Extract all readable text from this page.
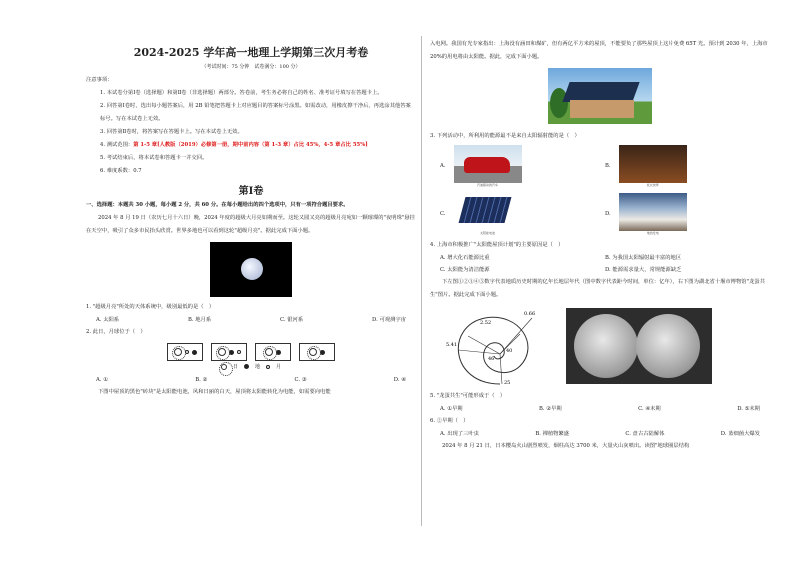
2024-2025 学年高一地理上学期第三次月考卷
（考试时间：75 分钟　试卷满分：100 分）
注意事项：
1. 本试卷分第Ⅰ卷（选择题）和第Ⅱ卷（非选择题）两部分。答卷前，考生务必将自己的姓名、准考证号填写在答题卡上。
2. 回答第Ⅰ卷时，选出每小题答案后，用 2B 铅笔把答题卡上对应题目的答案标号涂黑。如需改动，用橡皮擦干净后，再选涂其他答案标号。写在本试卷上无效。
3. 回答第Ⅱ卷时，将答案写在答题卡上。写在本试卷上无效。
4. 测试范围：第 1-5 章[人教版（2019）必修第一册，期中前内容（第 1-3 章）占比 45%，4-5 章占比 55%]
5. 考试结束后，将本试卷和答题卡一并交回。
6. 难度系数：0.7
第Ⅰ卷
一、选择题：本题共 30 小题，每小题 2 分，共 60 分。在每小题给出的四个选项中，只有一项符合题目要求。
2024 年 8 月 19 日（农历七月十六日）晚，2024 年度的超级大月亮如期而至。这轮又圆又亮的超级月亮宛如一颗璀璨的"夜明珠"悬挂在天空中，吸引了众多市民抬头欣赏。世界多地也可以看到这轮"超级月亮"。据此完成下面小题。
1. "超级月亮"所处的天体系统中，级别最低的是（　）
A. 太阳系	B. 地月系	C. 银河系	D. 可观测宇宙
2. 此日，月球位于（　）
日	地	月
A. ①	B. ②	C. ③	D. ④
下图中屋顶的黑色"砖块"是太阳能电池，风和日丽的白天，屋顶将太阳能转化为电能，如需要向电能
入电网。我国有光专家指出：上海没有涵田和煤矿，但有两亿平方米的屋顶，不能要负了那些屋顶上这片免费 65T 光。预计到 2030 年，上海市 20%的用电将由太阳能。据此，完成下面小题。
3. 下列活动中，所利用的能源最不是来自太阳辐射能的是（　）
A.
汽油驱动的汽车
B.
炭火烧烤
C.
太阳能电池
D.
地热发电
4. 上海市积极推广"太阳能屋顶计划"的主要原因是（　）
A. 增大化石能源比重	B. 为我国太阳辐射最丰富的地区
C. 太阳能为清洁能源	D. 能源需求量大，常规能源缺乏
下左图①②③④⑤数字代表地质历史时期的亿年长地层年代（图中数字代表距今时间，单位：亿年），右下图为湖北省十堰市博物馆"龙蛋共生"图片。据此完成下面小题。
0.66
2.52
5.41
40
46
25
5. "龙蛋共生"可能形成于（　）
A. ①早期	B. ②早期	C. ④末期	D. ⑤末期
6. ②早期（　）
A. 出现了三叶虫	B. 裸植物繁盛	C. 盘古古陆解体	D. 蓝细菌大爆发
2024 年 8 月 21 日，日本樱岛火山剧烈喷发，烟柱高达 3700 米，大量火山灰喷出。读图"地球圈层结构
